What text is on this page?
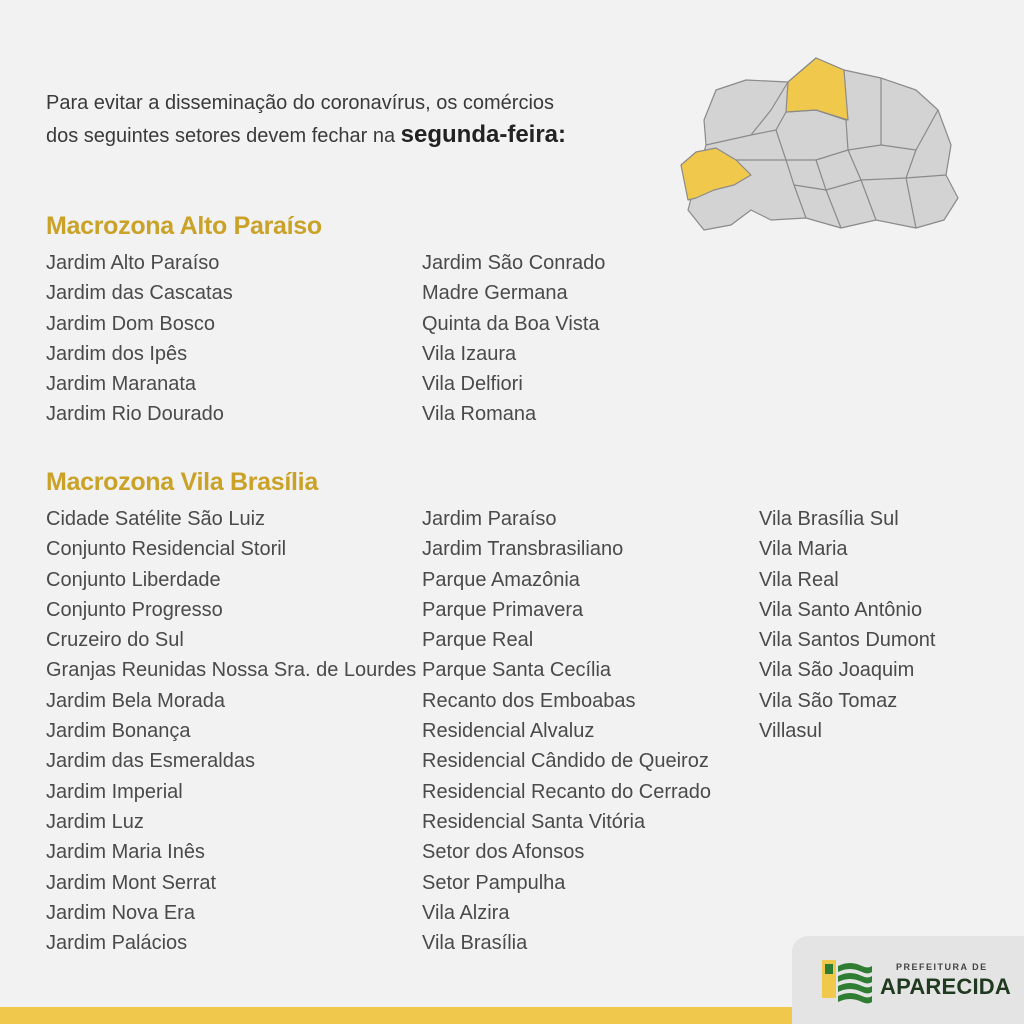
Para evitar a disseminação do coronavírus, os comércios
dos seguintes setores devem fechar na segunda-feira:
Macrozona Alto Paraíso
Jardim Alto Paraíso
Jardim das Cascatas
Jardim Dom Bosco
Jardim dos Ipês
Jardim Maranata
Jardim Rio Dourado
Jardim São Conrado
Madre Germana
Quinta da Boa Vista
Vila Izaura
Vila Delfiori
Vila Romana
Macrozona Vila Brasília
Cidade Satélite São Luiz
Conjunto Residencial Storil
Conjunto Liberdade
Conjunto Progresso
Cruzeiro do Sul
Granjas Reunidas Nossa Sra. de Lourdes
Jardim Bela Morada
Jardim Bonança
Jardim das Esmeraldas
Jardim Imperial
Jardim Luz
Jardim Maria Inês
Jardim Mont Serrat
Jardim Nova Era
Jardim Palácios
Jardim Paraíso
Jardim Transbrasiliano
Parque Amazônia
Parque Primavera
Parque Real
Parque Santa Cecília
Recanto dos Emboabas
Residencial Alvaluz
Residencial Cândido de Queiroz
Residencial Recanto do Cerrado
Residencial Santa Vitória
Setor dos Afonsos
Setor Pampulha
Vila Alzira
Vila Brasília
Vila Brasília Sul
Vila Maria
Vila Real
Vila Santo Antônio
Vila Santos Dumont
Vila São Joaquim
Vila São Tomaz
Villasul
PREFEITURA DE
APARECIDA
